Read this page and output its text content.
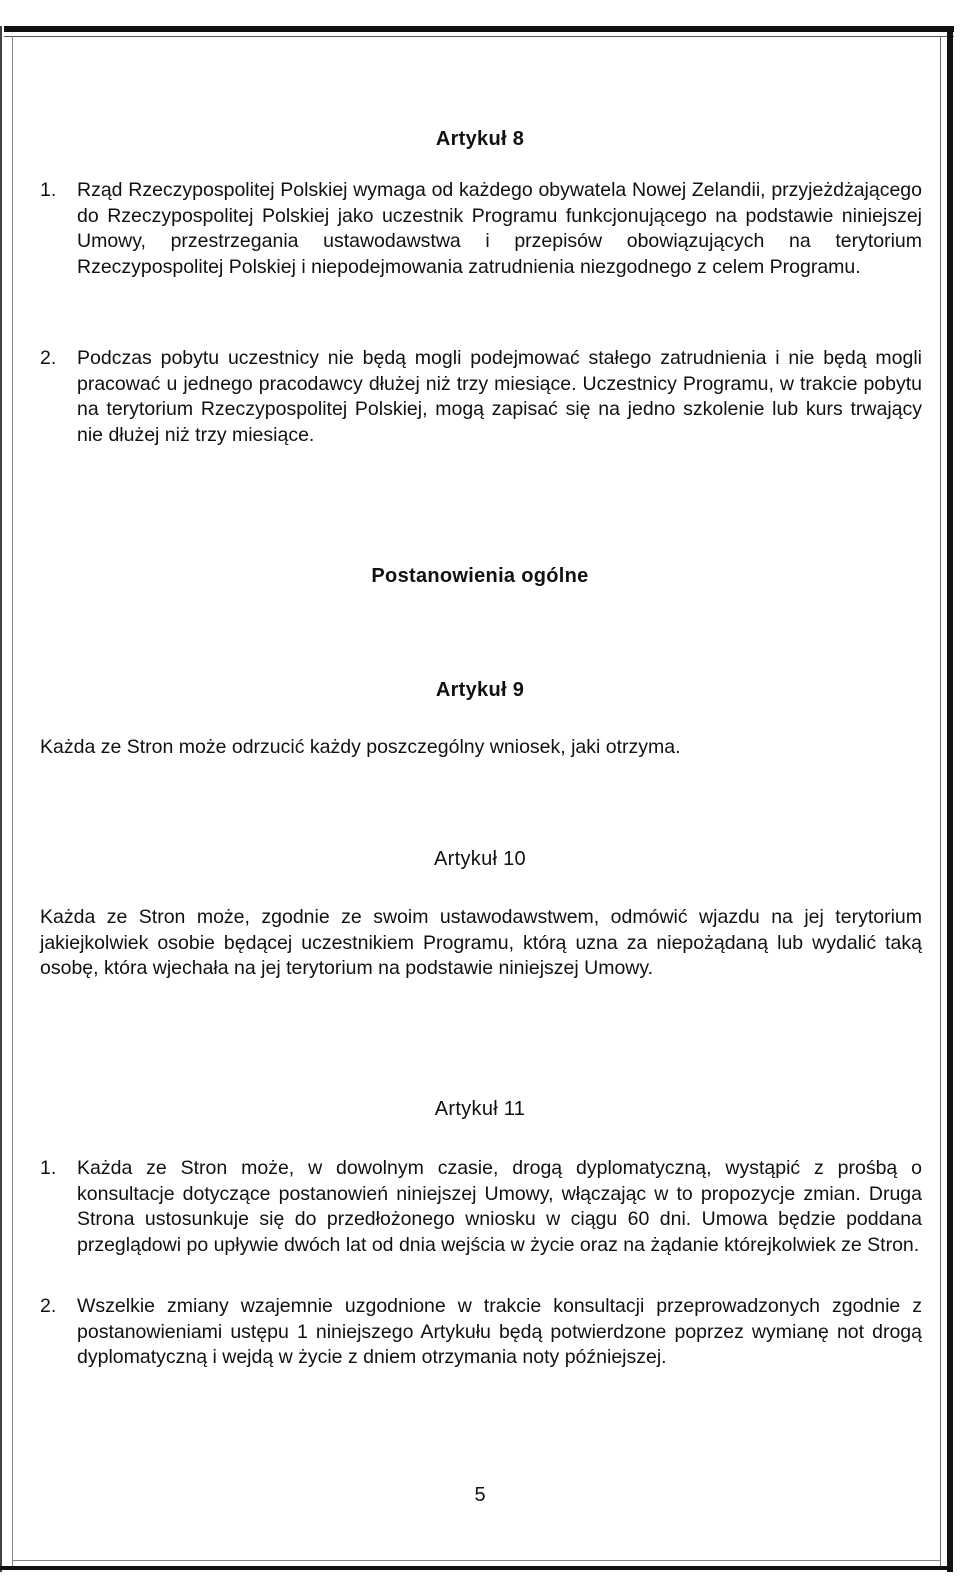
Artykuł 8
1. Rząd Rzeczypospolitej Polskiej wymaga od każdego obywatela Nowej Zelandii, przyjeżdżającego do Rzeczypospolitej Polskiej jako uczestnik Programu funkcjonującego na podstawie niniejszej Umowy, przestrzegania ustawodawstwa i przepisów obowiązujących na terytorium Rzeczypospolitej Polskiej i niepodejmowania zatrudnienia niezgodnego z celem Programu.
2. Podczas pobytu uczestnicy nie będą mogli podejmować stałego zatrudnienia i nie będą mogli pracować u jednego pracodawcy dłużej niż trzy miesiące. Uczestnicy Programu, w trakcie pobytu na terytorium Rzeczypospolitej Polskiej, mogą zapisać się na jedno szkolenie lub kurs trwający nie dłużej niż trzy miesiące.
Postanowienia ogólne
Artykuł 9
Każda ze Stron może odrzucić każdy poszczególny wniosek, jaki otrzyma.
Artykuł 10
Każda ze Stron może, zgodnie ze swoim ustawodawstwem, odmówić wjazdu na jej terytorium jakiejkolwiek osobie będącej uczestnikiem Programu, którą uzna za niepożądaną lub wydalić taką osobę, która wjechała na jej terytorium na podstawie niniejszej Umowy.
Artykuł 11
1. Każda ze Stron może, w dowolnym czasie, drogą dyplomatyczną, wystąpić z prośbą o konsultacje dotyczące postanowień niniejszej Umowy, włączając w to propozycje zmian. Druga Strona ustosunkuje się do przedłożonego wniosku w ciągu 60 dni. Umowa będzie poddana przeglądowi po upływie dwóch lat od dnia wejścia w życie oraz na żądanie którejkolwiek ze Stron.
2. Wszelkie zmiany wzajemnie uzgodnione w trakcie konsultacji przeprowadzonych zgodnie z postanowieniami ustępu 1 niniejszego Artykułu będą potwierdzone poprzez wymianę not drogą dyplomatyczną i wejdą w życie z dniem otrzymania noty późniejszej.
5
